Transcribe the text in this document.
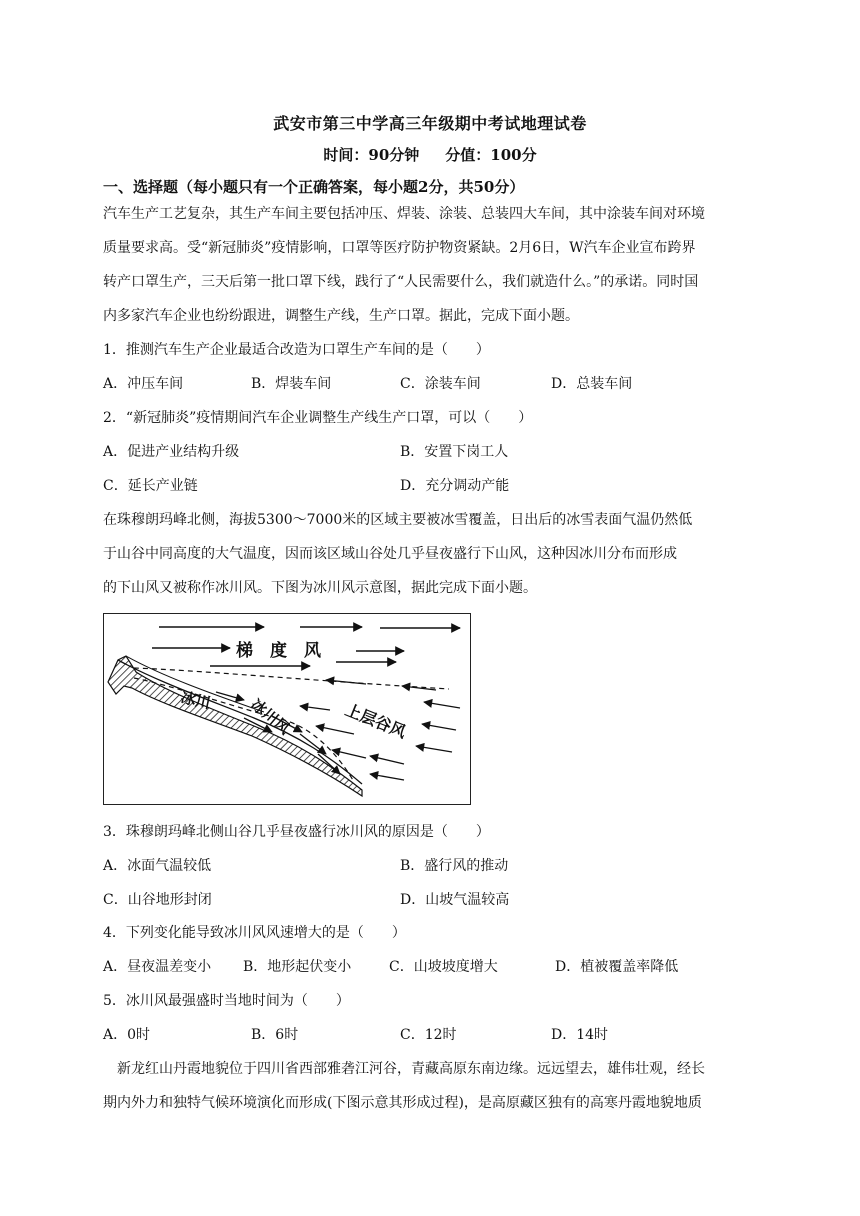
武安市第三中学高三年级期中考试地理试卷
时间：90分钟 分值：100分
一、选择题（每小题只有一个正确答案，每小题2分，共50分）
汽车生产工艺复杂，其生产车间主要包括冲压、焊装、涂装、总装四大车间，其中涂装车间对环境
质量要求高。受“新冠肺炎”疫情影响，口罩等医疗防护物资紧缺。2月6日，W汽车企业宣布跨界
转产口罩生产，三天后第一批口罩下线，践行了“人民需要什么，我们就造什么。”的承诺。同时国
内多家汽车企业也纷纷跟进，调整生产线，生产口罩。据此，完成下面小题。
1．推测汽车生产企业最适合改造为口罩生产车间的是（　　）
A．冲压车间	B．焊装车间	C．涂装车间	D．总装车间
2．“新冠肺炎”疫情期间汽车企业调整生产线生产口罩，可以（　　）
A．促进产业结构升级	B．安置下岗工人
C．延长产业链	D．充分调动产能
在珠穆朗玛峰北侧，海拔5300～7000米的区域主要被冰雪覆盖，日出后的冰雪表面气温仍然低
于山谷中同高度的大气温度，因而该区域山谷处几乎昼夜盛行下山风，这种因冰川分布而形成
的下山风又被称作冰川风。下图为冰川风示意图，据此完成下面小题。
梯　度　风
冰川 冰川风	上层谷风
3．珠穆朗玛峰北侧山谷几乎昼夜盛行冰川风的原因是（　　）
A．冰面气温较低	B．盛行风的推动
C．山谷地形封闭	D．山坡气温较高
4．下列变化能导致冰川风风速增大的是（　　）
A．昼夜温差变小 B．地形起伏变小	C．山坡坡度增大	D．植被覆盖率降低
5．冰川风最强盛时当地时间为（　　）
A．0时	B．6时	C．12时	D．14时
　新龙红山丹霞地貌位于四川省西部雅砻江河谷，青藏高原东南边缘。远远望去，雄伟壮观，经长
期内外力和独特气候环境演化而形成(下图示意其形成过程)，是高原藏区独有的高寒丹霞地貌地质
